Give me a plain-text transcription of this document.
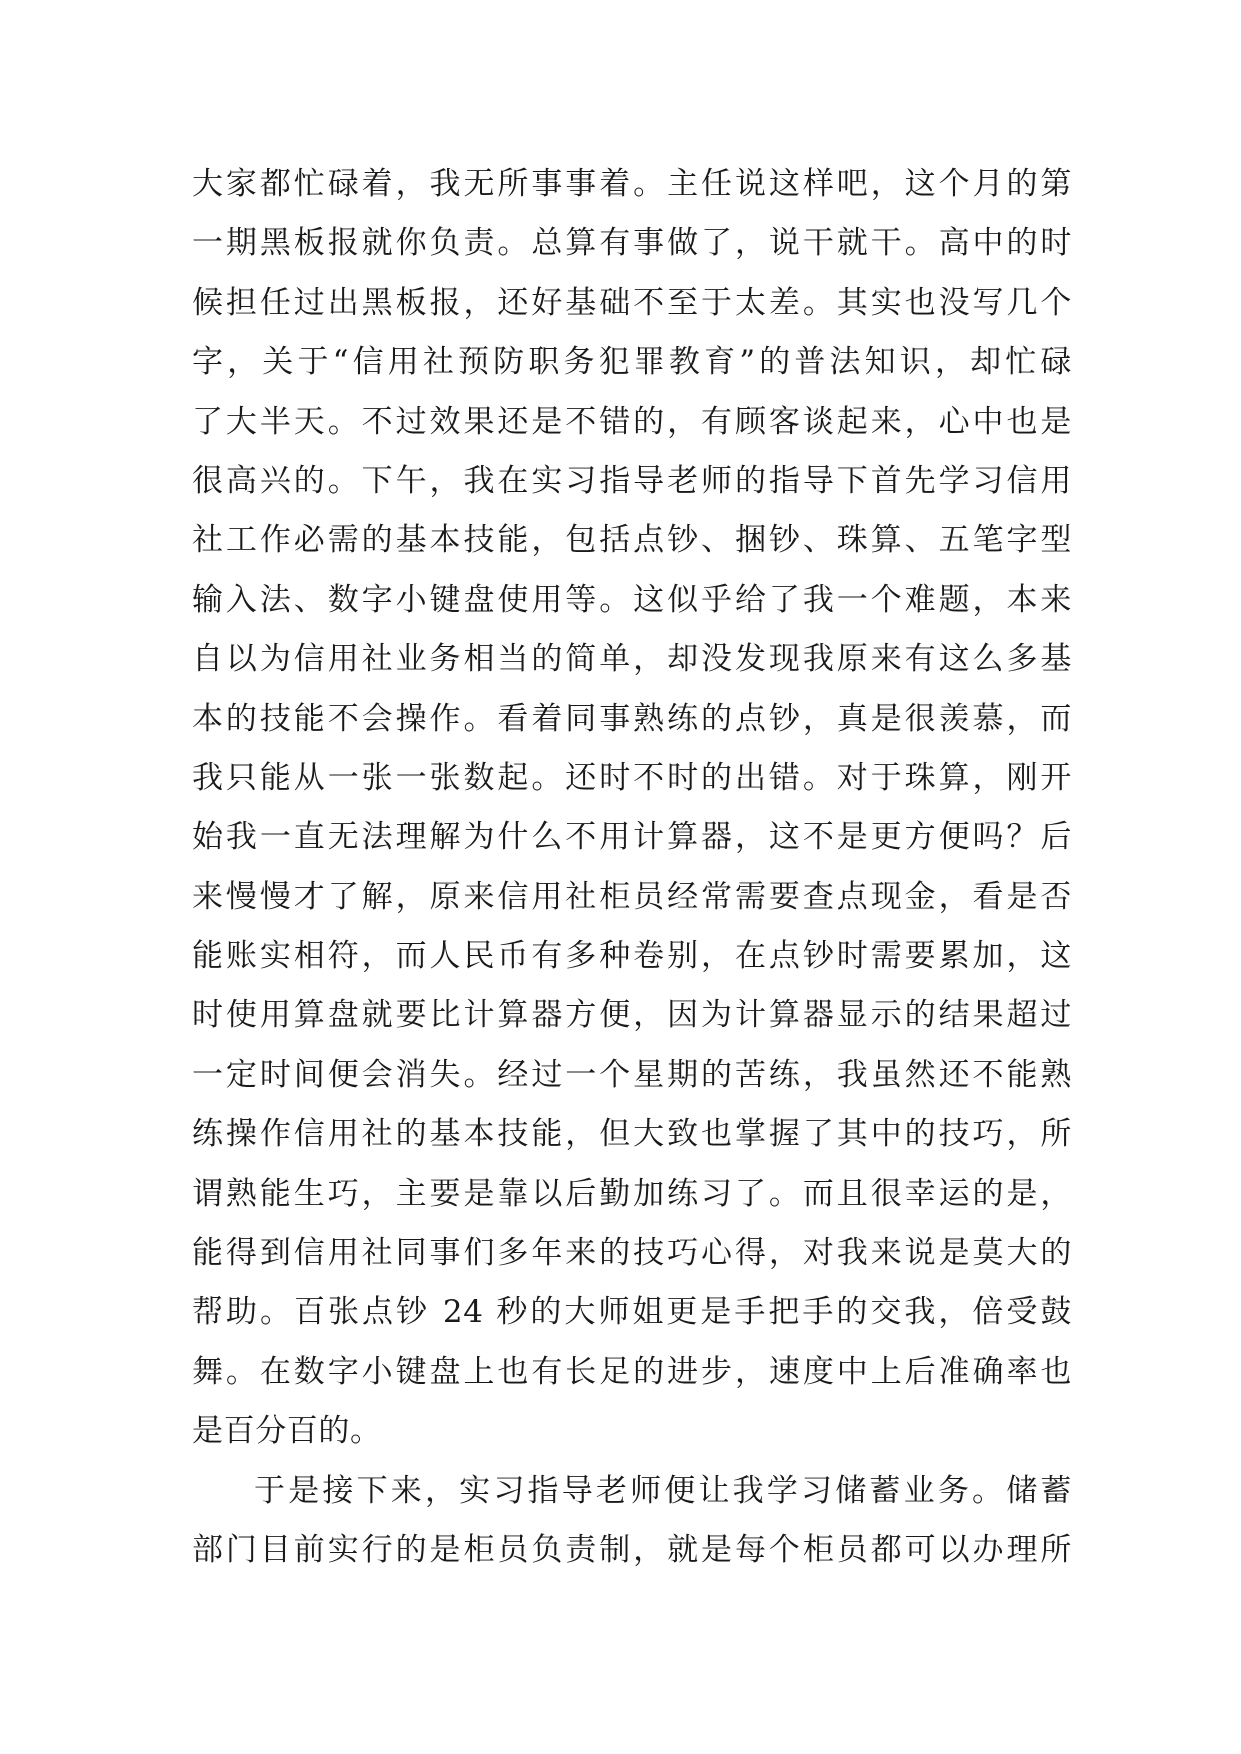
大家都忙碌着，我无所事事着。主任说这样吧，这个月的第
一期黑板报就你负责。总算有事做了，说干就干。高中的时
候担任过出黑板报，还好基础不至于太差。其实也没写几个
字，关于“信用社预防职务犯罪教育”的普法知识，却忙碌
了大半天。不过效果还是不错的，有顾客谈起来，心中也是
很高兴的。下午，我在实习指导老师的指导下首先学习信用
社工作必需的基本技能，包括点钞、捆钞、珠算、五笔字型
输入法、数字小键盘使用等。这似乎给了我一个难题，本来
自以为信用社业务相当的简单，却没发现我原来有这么多基
本的技能不会操作。看着同事熟练的点钞，真是很羡慕，而
我只能从一张一张数起。还时不时的出错。对于珠算，刚开
始我一直无法理解为什么不用计算器，这不是更方便吗？后
来慢慢才了解，原来信用社柜员经常需要查点现金，看是否
能账实相符，而人民币有多种卷别，在点钞时需要累加，这
时使用算盘就要比计算器方便，因为计算器显示的结果超过
一定时间便会消失。经过一个星期的苦练，我虽然还不能熟
练操作信用社的基本技能，但大致也掌握了其中的技巧，所
谓熟能生巧，主要是靠以后勤加练习了。而且很幸运的是，
能得到信用社同事们多年来的技巧心得，对我来说是莫大的
帮助。百张点钞 24 秒的大师姐更是手把手的交我，倍受鼓
舞。在数字小键盘上也有长足的进步，速度中上后准确率也
是百分百的。
于是接下来，实习指导老师便让我学习储蓄业务。储蓄
部门目前实行的是柜员负责制，就是每个柜员都可以办理所
